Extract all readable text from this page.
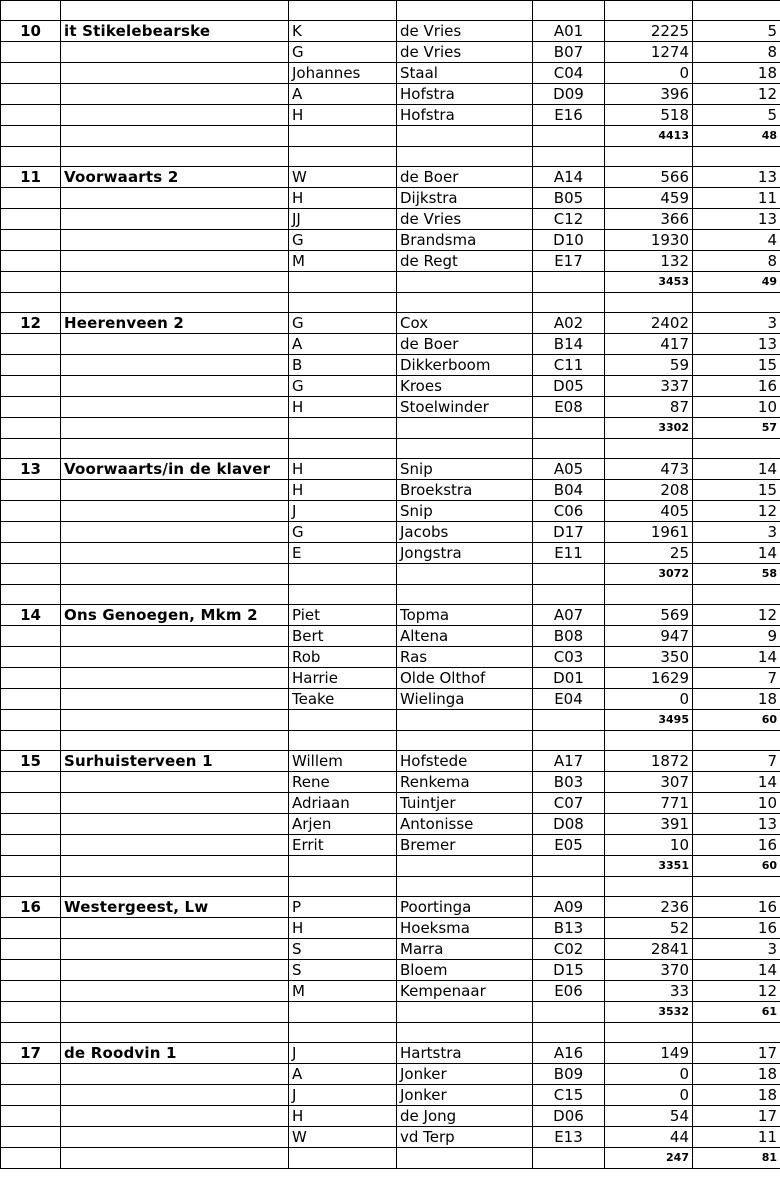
10	it Stikelebearske	K	de Vries	A01	2225	5
		G	de Vries	B07	1274	8
		Johannes	Staal	C04	0	18
		A	Hofstra	D09	396	12
		H	Hofstra	E16	518	5
					4413	48

11	Voorwaarts 2	W	de Boer	A14	566	13
		H	Dijkstra	B05	459	11
		JJ	de Vries	C12	366	13
		G	Brandsma	D10	1930	4
		M	de Regt	E17	132	8
					3453	49

12	Heerenveen 2	G	Cox	A02	2402	3
		A	de Boer	B14	417	13
		B	Dikkerboom	C11	59	15
		G	Kroes	D05	337	16
		H	Stoelwinder	E08	87	10
					3302	57

13	Voorwaarts/in de klaver	H	Snip	A05	473	14
		H	Broekstra	B04	208	15
		J	Snip	C06	405	12
		G	Jacobs	D17	1961	3
		E	Jongstra	E11	25	14
					3072	58

14	Ons Genoegen, Mkm 2	Piet	Topma	A07	569	12
		Bert	Altena	B08	947	9
		Rob	Ras	C03	350	14
		Harrie	Olde Olthof	D01	1629	7
		Teake	Wielinga	E04	0	18
					3495	60

15	Surhuisterveen 1	Willem	Hofstede	A17	1872	7
		Rene	Renkema	B03	307	14
		Adriaan	Tuintjer	C07	771	10
		Arjen	Antonisse	D08	391	13
		Errit	Bremer	E05	10	16
					3351	60

16	Westergeest, Lw	P	Poortinga	A09	236	16
		H	Hoeksma	B13	52	16
		S	Marra	C02	2841	3
		S	Bloem	D15	370	14
		M	Kempenaar	E06	33	12
					3532	61

17	de Roodvin 1	J	Hartstra	A16	149	17
		A	Jonker	B09	0	18
		J	Jonker	C15	0	18
		H	de Jong	D06	54	17
		W	vd Terp	E13	44	11
					247	81
